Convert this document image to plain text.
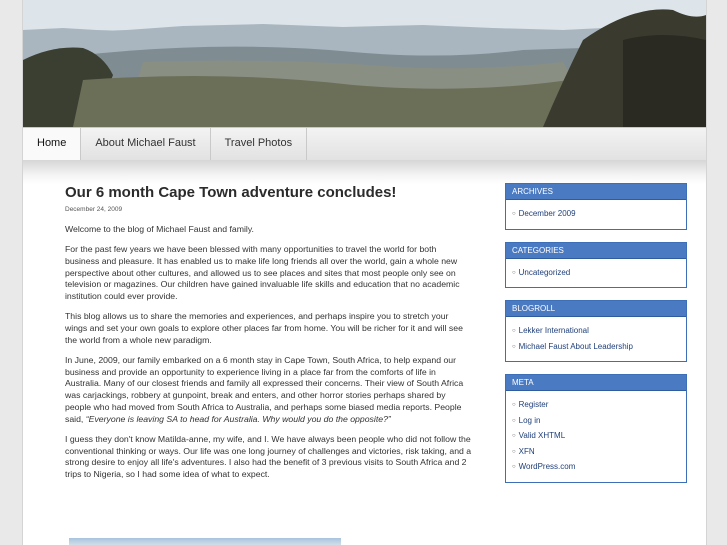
Home	About Michael Faust	Travel Photos
Our 6 month Cape Town adventure concludes!
December 24, 2009

Welcome to the blog of Michael Faust and family.

For the past few years we have been blessed with many opportunities to travel the world for both business and pleasure. It has enabled us to make life long friends all over the world, gain a whole new perspective about other cultures, and allowed us to see places and sites that most people only see on television or magazines. Our children have gained invaluable life skills and education that no academic institution could ever provide.

This blog allows us to share the memories and experiences, and perhaps inspire you to stretch your wings and set your own goals to explore other places far from home. You will be richer for it and will see the world from a whole new paradigm.

In June, 2009, our family embarked on a 6 month stay in Cape Town, South Africa, to help expand our business and provide an opportunity to experience living in a place far from the comforts of life in Australia. Many of our closest friends and family all expressed their concerns. Their view of South Africa was carjackings, robbery at gunpoint, break and enters, and other horror stories perhaps shared by people who had moved from South Africa to Australia, and perhaps some biased media reports. People said, “Everyone is leaving SA to head for Australia. Why would you do the opposite?”

I guess they don't know Matilda-anne, my wife, and I. We have always been people who did not follow the conventional thinking or ways. Our life was one long journey of challenges and victories, risk taking, and a strong desire to enjoy all life's adventures. I also had the benefit of 3 previous visits to South Africa and 2 trips to Nigeria, so I had some idea of what to expect.

ARCHIVES
○ December 2009
CATEGORIES
○ Uncategorized
BLOGROLL
○ Lekker International
○ Michael Faust About Leadership
META
○ Register
○ Log in
○ Valid XHTML
○ XFN
○ WordPress.com
